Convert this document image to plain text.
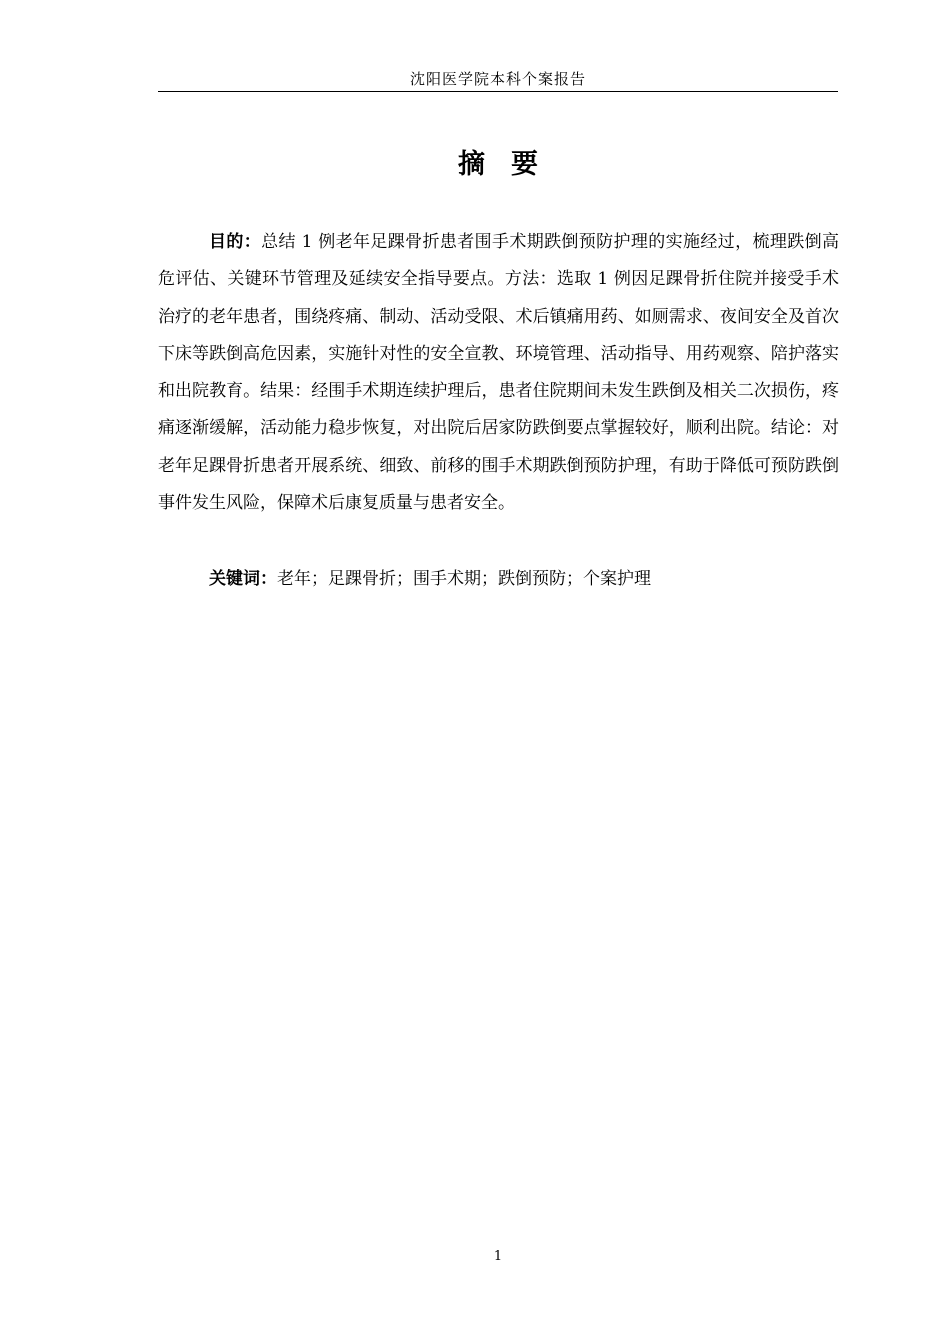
沈阳医学院本科个案报告
摘 要

目的：总结 1 例老年足踝骨折患者围手术期跌倒预防护理的实施经过，梳理跌倒高危评估、关键环节管理及延续安全指导要点。方法：选取 1 例因足踝骨折住院并接受手术治疗的老年患者，围绕疼痛、制动、活动受限、术后镇痛用药、如厕需求、夜间安全及首次下床等跌倒高危因素，实施针对性的安全宣教、环境管理、活动指导、用药观察、陪护落实和出院教育。结果：经围手术期连续护理后，患者住院期间未发生跌倒及相关二次损伤，疼痛逐渐缓解，活动能力稳步恢复，对出院后居家防跌倒要点掌握较好，顺利出院。结论：对老年足踝骨折患者开展系统、细致、前移的围手术期跌倒预防护理，有助于降低可预防跌倒事件发生风险，保障术后康复质量与患者安全。

关键词：老年；足踝骨折；围手术期；跌倒预防；个案护理

1
